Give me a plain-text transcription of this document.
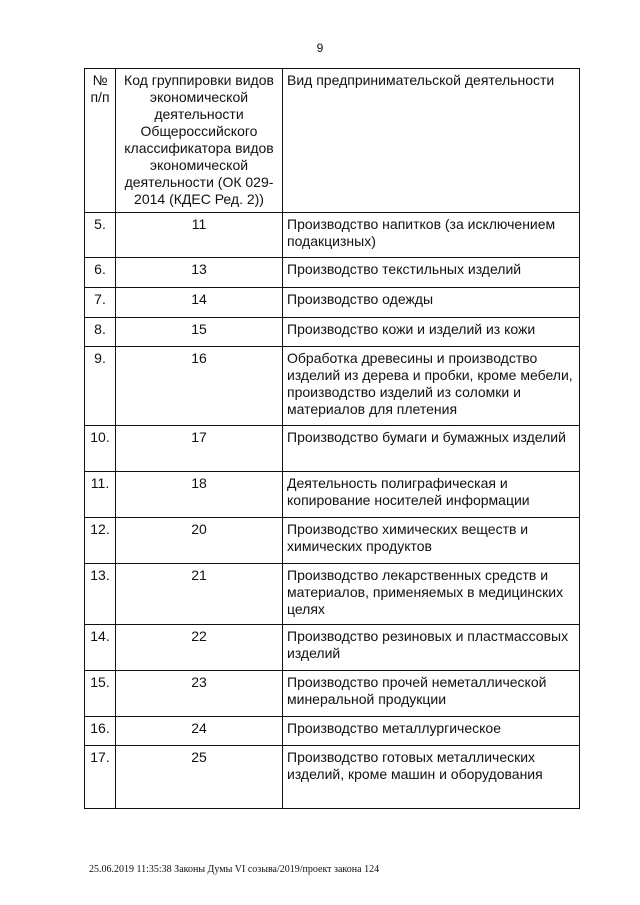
9
№ п/п	Код группировки видов экономической деятельности Общероссийского классификатора видов экономической деятельности (ОК 029-2014 (КДЕС Ред. 2))	Вид предпринимательской деятельности
5.	11	Производство напитков (за исключением подакцизных)
6.	13	Производство текстильных изделий
7.	14	Производство одежды
8.	15	Производство кожи и изделий из кожи
9.	16	Обработка древесины и производство изделий из дерева и пробки, кроме мебели, производство изделий из соломки и материалов для плетения
10.	17	Производство бумаги и бумажных изделий
11.	18	Деятельность полиграфическая и копирование носителей информации
12.	20	Производство химических веществ и химических продуктов
13.	21	Производство лекарственных средств и материалов, применяемых в медицинских целях
14.	22	Производство резиновых и пластмассовых изделий
15.	23	Производство прочей неметаллической минеральной продукции
16.	24	Производство металлургическое
17.	25	Производство готовых металлических изделий, кроме машин и оборудования
25.06.2019 11:35:38 Законы Думы VI созыва/2019/проект закона 124
